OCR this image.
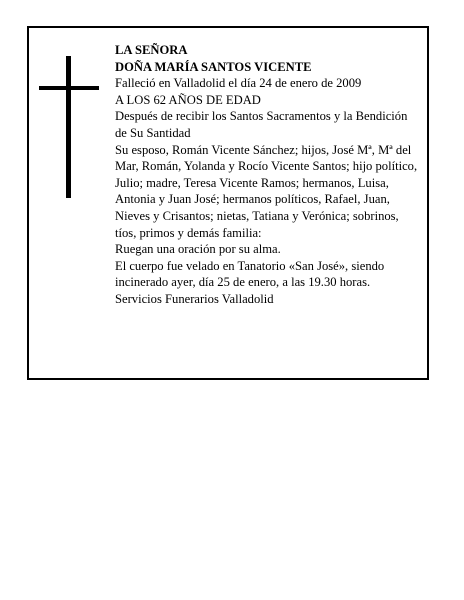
LA SEÑORA

DOÑA MARÍA SANTOS VICENTE

Falleció en Valladolid el día 24 de enero de 2009

A LOS 62 AÑOS DE EDAD

Después de recibir los Santos Sacramentos y la Bendición de Su Santidad

Su esposo, Román Vicente Sánchez; hijos, José Mª, Mª del Mar, Román, Yolanda y Rocío Vicente Santos; hijo político, Julio; madre, Teresa Vicente Ramos; hermanos, Luisa, Antonia y Juan José; hermanos políticos, Rafael, Juan, Nieves y Crisantos; nietas, Tatiana y Verónica; sobrinos, tíos, primos y demás familia:

Ruegan una oración por su alma.

El cuerpo fue velado en Tanatorio «San José», siendo incinerado ayer, día 25 de enero, a las 19.30 horas.

Servicios Funerarios Valladolid
